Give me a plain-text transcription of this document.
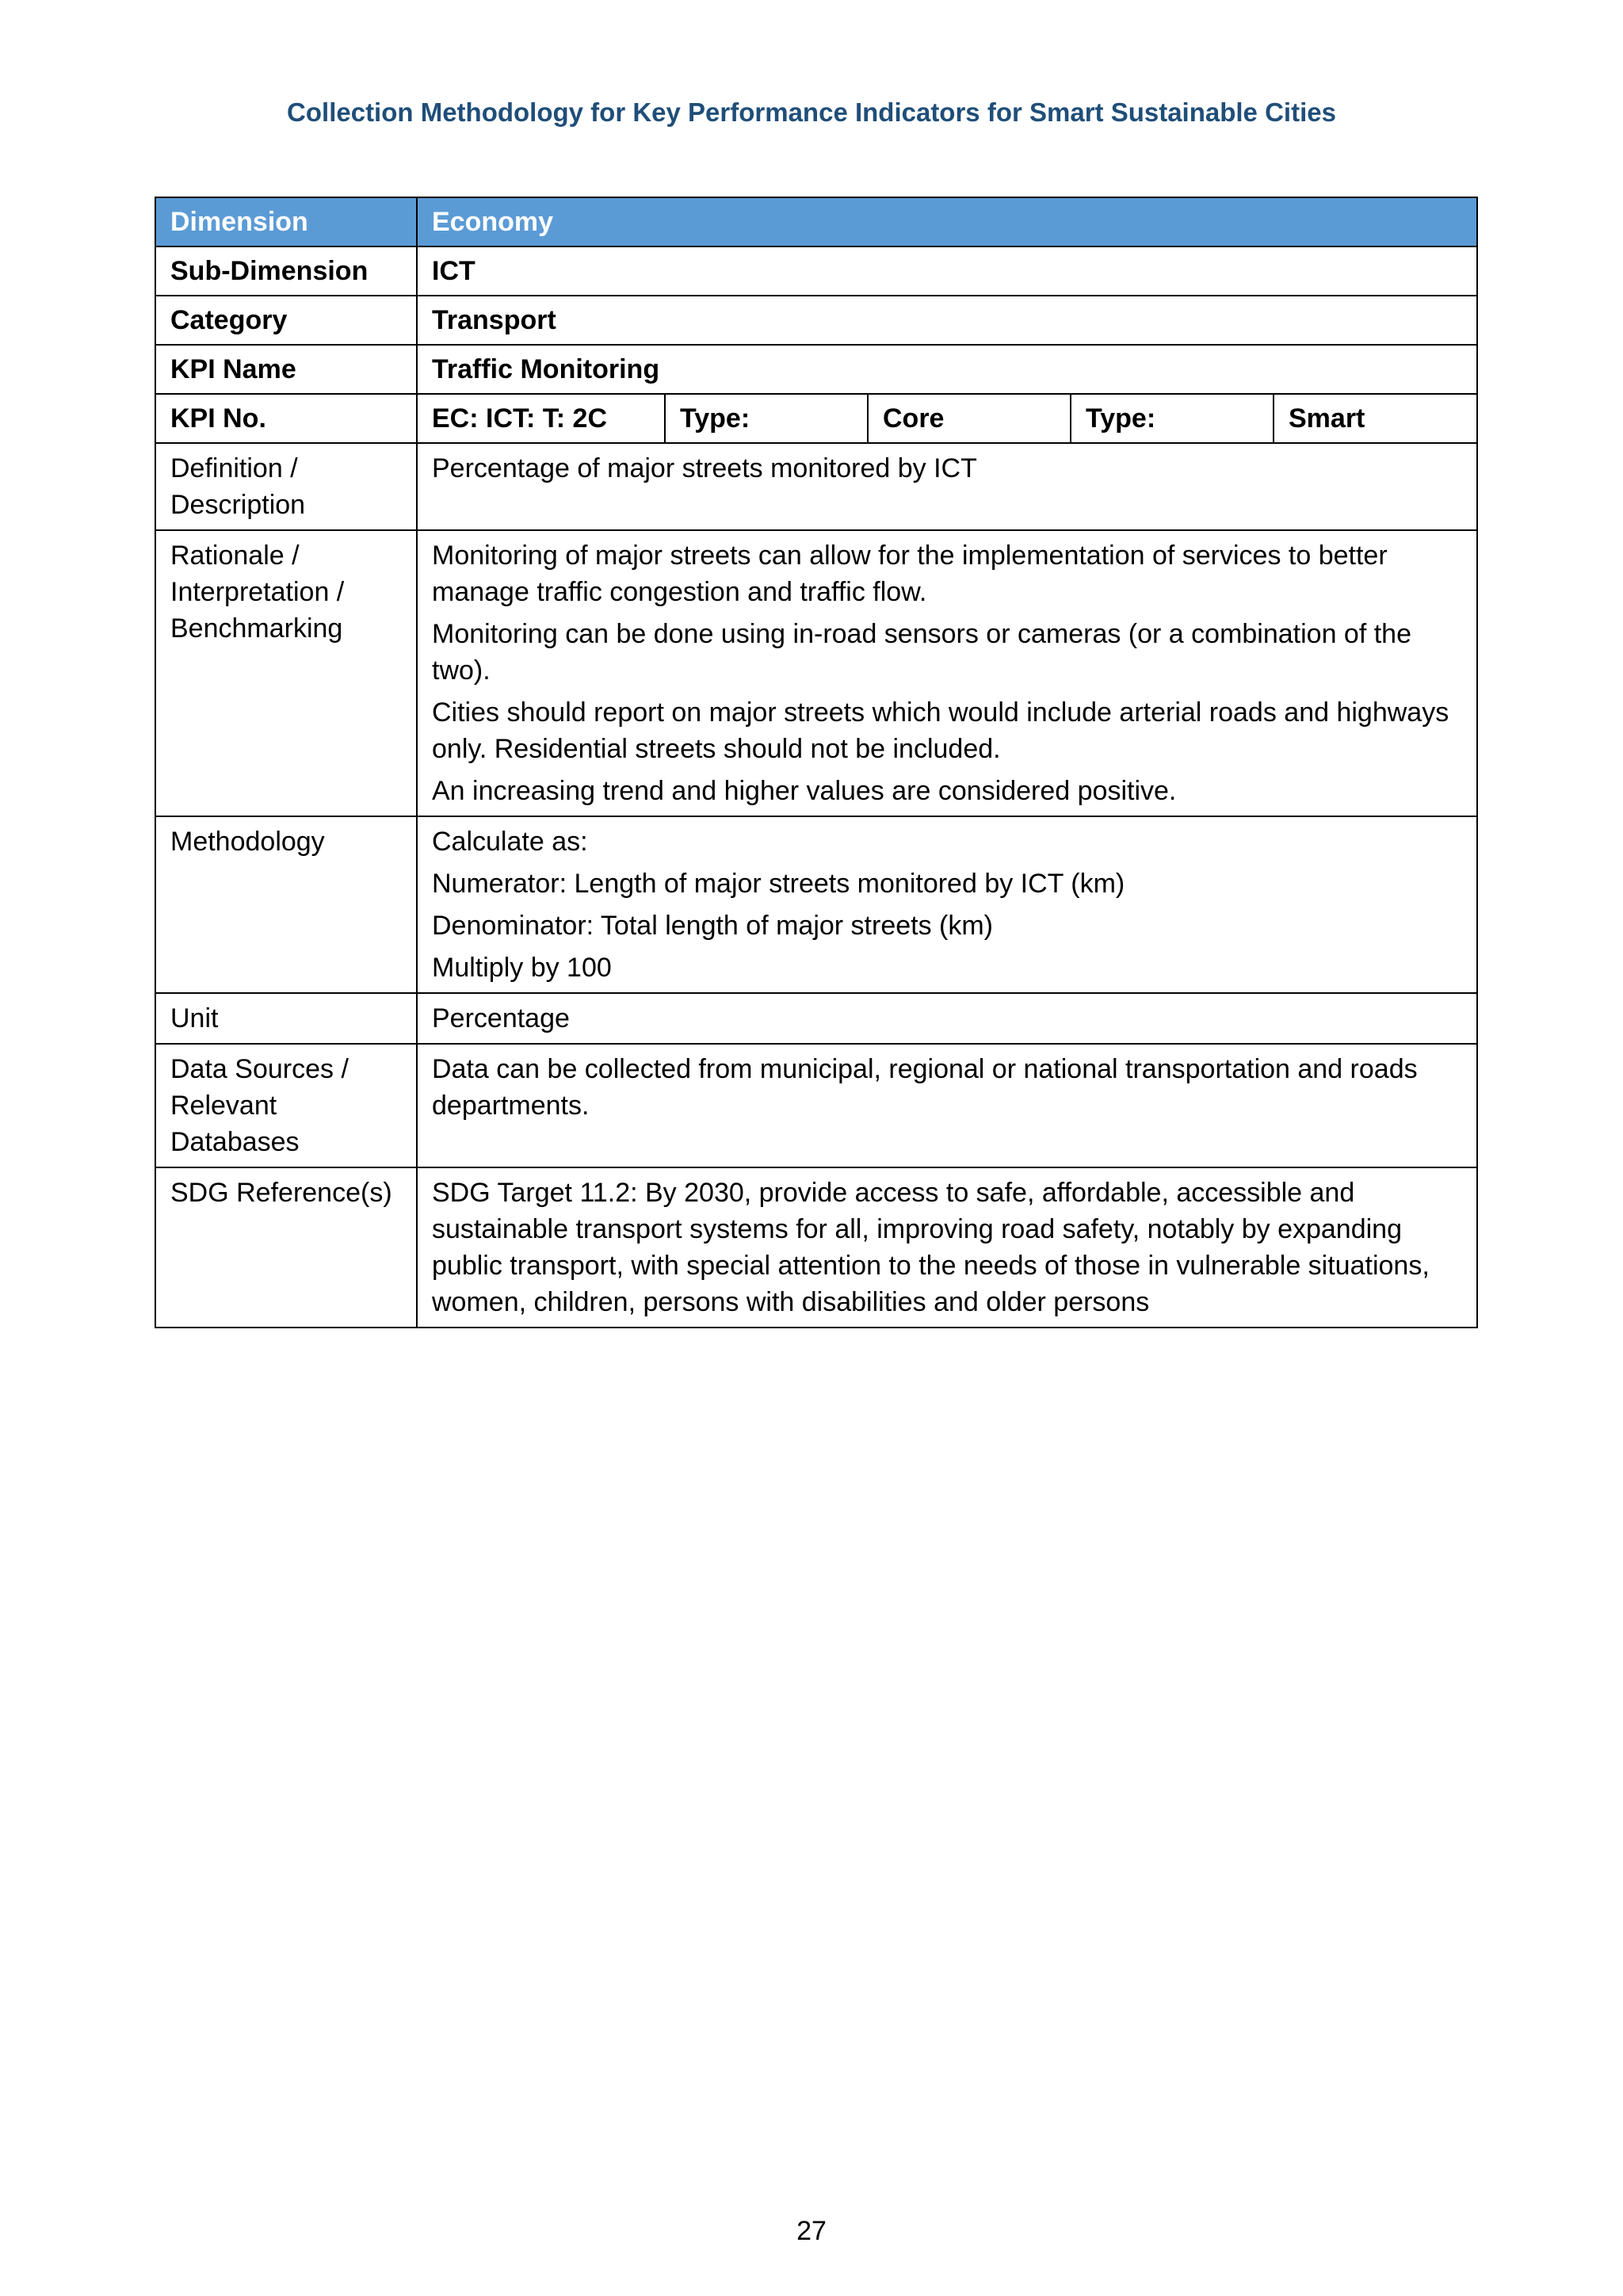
Collection Methodology for Key Performance Indicators for Smart Sustainable Cities
Dimension	Economy				
Sub-Dimension	ICT				
Category	Transport				
KPI Name	Traffic Monitoring				
KPI No.	EC: ICT: T: 2C	Type:	Core	Type:	Smart
Definition / Description	Percentage of major streets monitored by ICT				

Rationale / Interpretation / Benchmarking	Monitoring of major streets can allow for the implementation of services to better manage traffic congestion and traffic flow.
Monitoring can be done using in-road sensors or cameras (or a combination of the two).
Cities should report on major streets which would include arterial roads and highways only. Residential streets should not be included.
An increasing trend and higher values are considered positive.				

Methodology	Calculate as:
Numerator: Length of major streets monitored by ICT (km)
Denominator: Total length of major streets (km)
Multiply by 100				

Unit	Percentage				
Data Sources / Relevant Databases	Data can be collected from municipal, regional or national transportation and roads departments.				

SDG Reference(s)	SDG Target 11.2: By 2030, provide access to safe, affordable, accessible and sustainable transport systems for all, improving road safety, notably by expanding public transport, with special attention to the needs of those in vulnerable situations, women, children, persons with disabilities and older persons				
27
